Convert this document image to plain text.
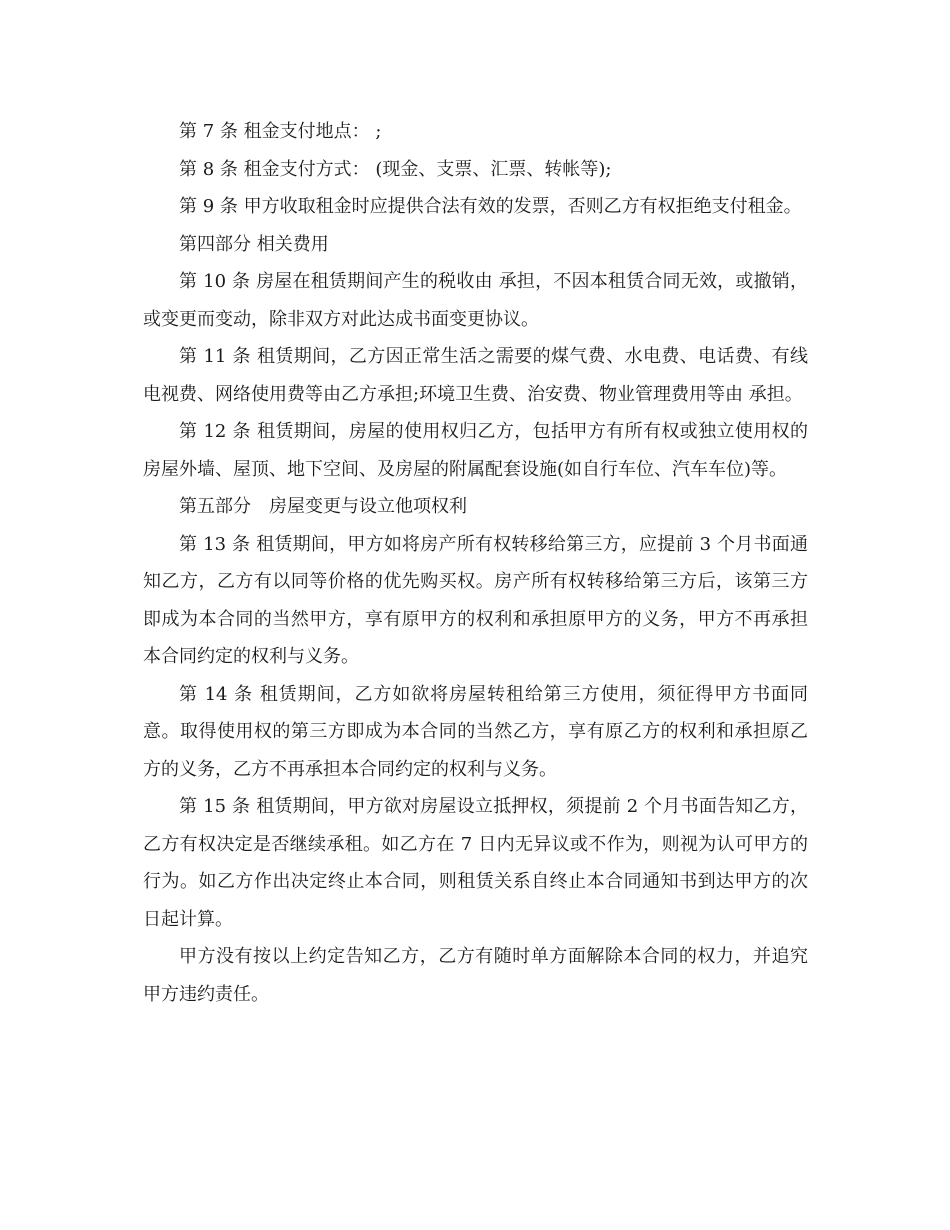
第 7 条 租金支付地点： ;

第 8 条 租金支付方式： (现金、支票、汇票、转帐等);

第 9 条 甲方收取租金时应提供合法有效的发票，否则乙方有权拒绝支付租金。

第四部分 相关费用

第 10 条 房屋在租赁期间产生的税收由 承担，不因本租赁合同无效，或撤销，或变更而变动，除非双方对此达成书面变更协议。

第 11 条 租赁期间，乙方因正常生活之需要的煤气费、水电费、电话费、有线电视费、网络使用费等由乙方承担;环境卫生费、治安费、物业管理费用等由 承担。

第 12 条 租赁期间，房屋的使用权归乙方，包括甲方有所有权或独立使用权的房屋外墙、屋顶、地下空间、及房屋的附属配套设施(如自行车位、汽车车位)等。

第五部分　房屋变更与设立他项权利

第 13 条 租赁期间，甲方如将房产所有权转移给第三方，应提前 3 个月书面通知乙方，乙方有以同等价格的优先购买权。房产所有权转移给第三方后，该第三方即成为本合同的当然甲方，享有原甲方的权利和承担原甲方的义务，甲方不再承担本合同约定的权利与义务。

第 14 条 租赁期间，乙方如欲将房屋转租给第三方使用，须征得甲方书面同意。取得使用权的第三方即成为本合同的当然乙方，享有原乙方的权利和承担原乙方的义务，乙方不再承担本合同约定的权利与义务。

第 15 条 租赁期间，甲方欲对房屋设立抵押权，须提前 2 个月书面告知乙方，乙方有权决定是否继续承租。如乙方在 7 日内无异议或不作为，则视为认可甲方的行为。如乙方作出决定终止本合同，则租赁关系自终止本合同通知书到达甲方的次日起计算。

甲方没有按以上约定告知乙方，乙方有随时单方面解除本合同的权力，并追究甲方违约责任。
